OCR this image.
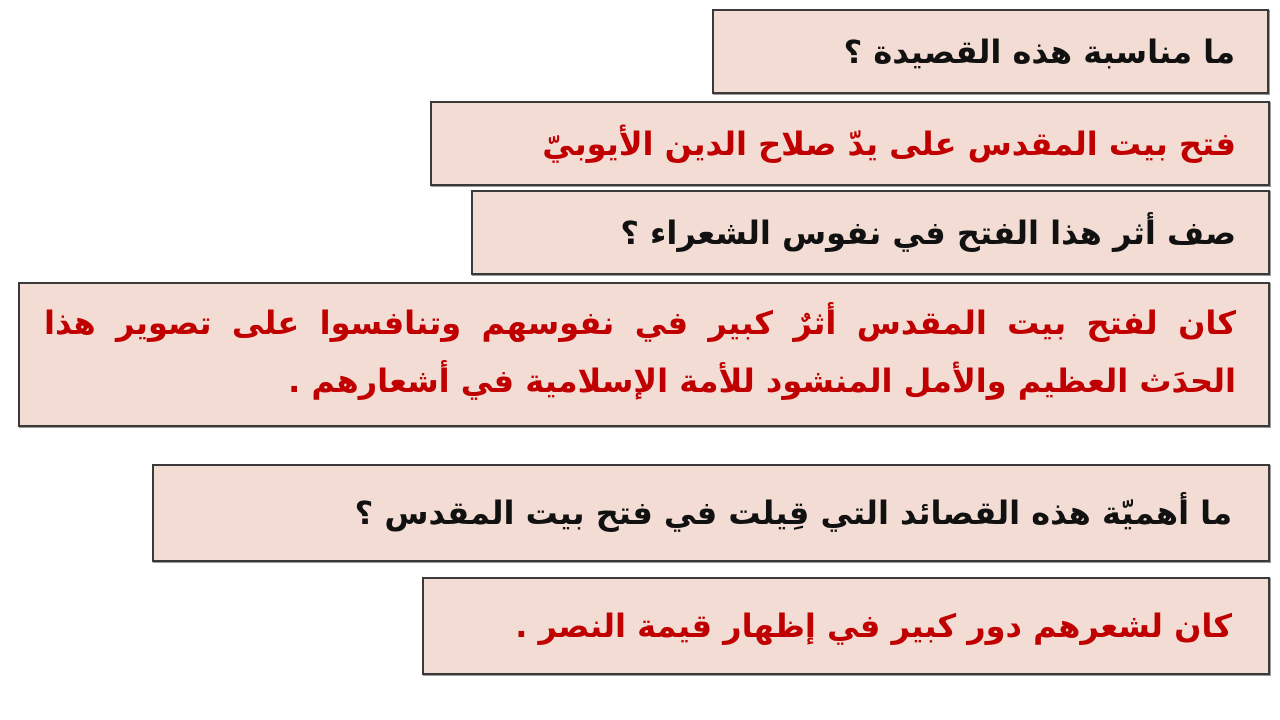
ما مناسبة هذه القصيدة ؟
فتح بيت المقدس على يدّ صلاح الدين الأيوبيّ
صف أثر هذا الفتح في نفوس الشعراء ؟
كان لفتح بيت المقدس أثرٌ كبير في نفوسهم وتنافسوا على تصوير هذا الحدَث العظيم والأمل المنشود للأمة الإسلامية في أشعارهم .
ما أهميّة هذه القصائد التي قِيلت في فتح بيت المقدس ؟
كان لشعرهم دور كبير في إظهار قيمة النصر .
